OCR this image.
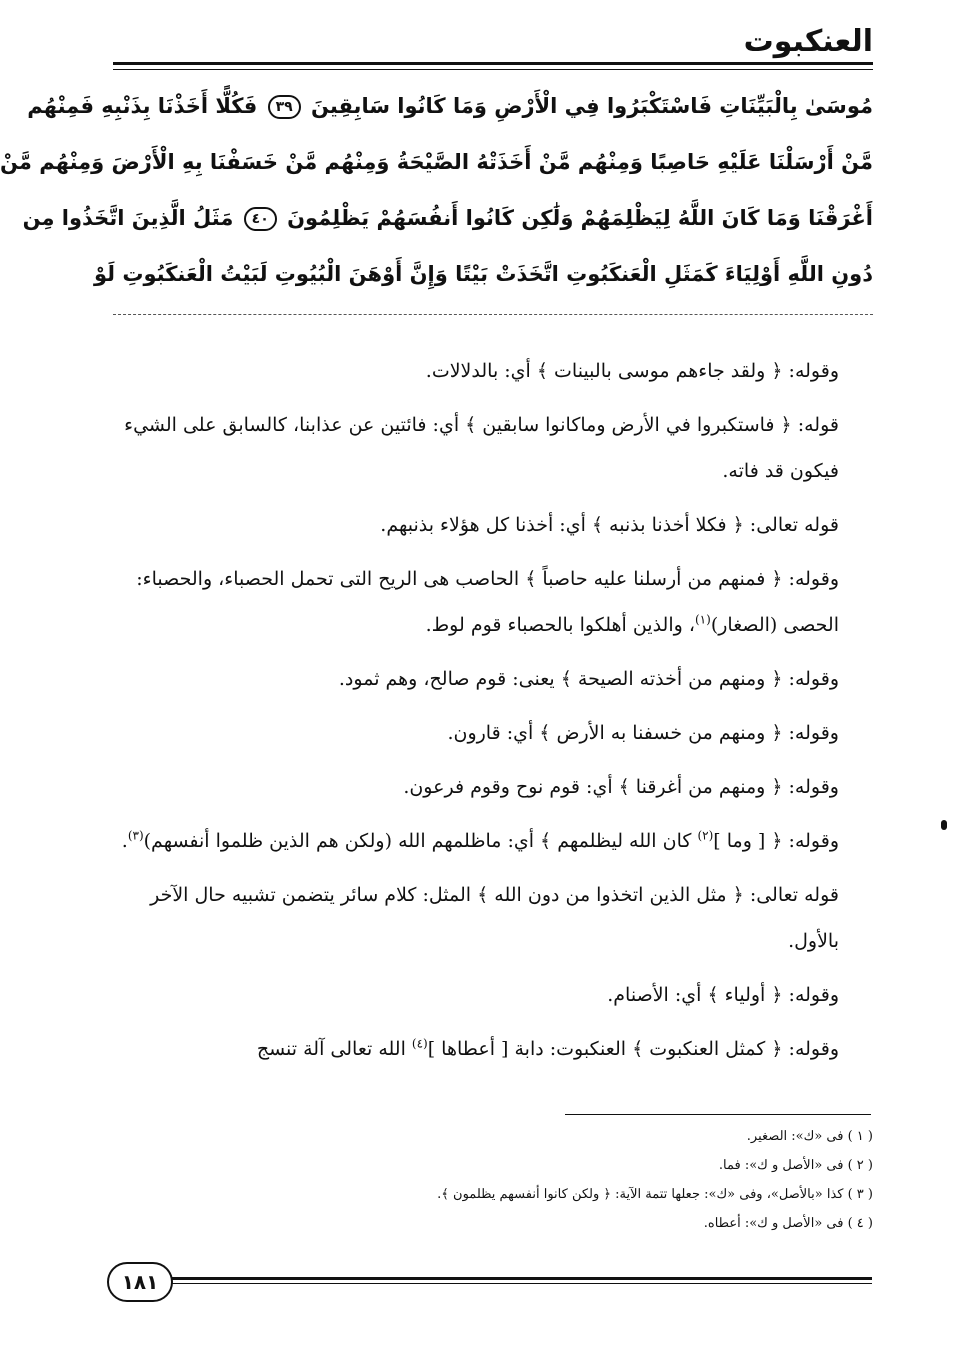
العنكبوت
مُوسَىٰ بِالْبَيِّنَاتِ فَاسْتَكْبَرُوا فِي الْأَرْضِ وَمَا كَانُوا سَابِقِينَ ٣٩ فَكُلًّا أَخَذْنَا بِذَنْبِهِ فَمِنْهُم
مَّنْ أَرْسَلْنَا عَلَيْهِ حَاصِبًا وَمِنْهُم مَّنْ أَخَذَتْهُ الصَّيْحَةُ وَمِنْهُم مَّنْ خَسَفْنَا بِهِ الْأَرْضَ وَمِنْهُم مَّنْ
أَغْرَقْنَا وَمَا كَانَ اللَّهُ لِيَظْلِمَهُمْ وَلَٰكِن كَانُوا أَنفُسَهُمْ يَظْلِمُونَ ٤٠ مَثَلُ الَّذِينَ اتَّخَذُوا مِن
دُونِ اللَّهِ أَوْلِيَاءَ كَمَثَلِ الْعَنكَبُوتِ اتَّخَذَتْ بَيْتًا وَإِنَّ أَوْهَنَ الْبُيُوتِ لَبَيْتُ الْعَنكَبُوتِ لَوْ

وقوله: ﴿ ولقد جاءهم موسى بالبينات ﴾ أي: بالدلالات.

قوله: ﴿ فاستكبروا في الأرض وماكانوا سابقين ﴾ أي: فائتين عن عذابنا، كالسابق على الشيء فيكون قد فاته.

قوله تعالى: ﴿ فكلا أخذنا بذنبه ﴾ أي: أخذنا كل هؤلاء بذنبهم.

وقوله: ﴿ فمنهم من أرسلنا عليه حاصباً ﴾ الحاصب هى الريح التى تحمل الحصباء، والحصباء: الحصى (الصغار)$^{(١)}$، والذين أهلكوا بالحصباء قوم لوط.

وقوله: ﴿ ومنهم من أخذته الصيحة ﴾ يعنى: قوم صالح، وهم ثمود.

وقوله: ﴿ ومنهم من خسفنا به الأرض ﴾ أي: قارون.

وقوله: ﴿ ومنهم من أغرقنا ﴾ أي: قوم نوح وقوم فرعون.

وقوله: ﴿ [ وما ]$^{(٢)}$ كان الله ليظلمهم ﴾ أي: ماظلمهم الله (ولكن هم الذين ظلموا أنفسهم)$^{(٣)}$.

قوله تعالى: ﴿ مثل الذين اتخذوا من دون الله ﴾ المثل: كلام سائر يتضمن تشبيه حال الآخر بالأول.

وقوله: ﴿ أولياء ﴾ أي: الأصنام.

وقوله: ﴿ كمثل العنكبوت ﴾ العنكبوت: دابة [ أعطاها ]$^{(٤)}$ الله تعالى آلة تنسج

( ١ ) فى «ك»: الصغير.
( ٢ ) فى «الأصل و ك»: فما.
( ٣ ) كذا «بالأصل»، وفى «ك»: جعلها تتمة الآية: ﴿ ولكن كانوا أنفسهم يظلمون ﴾.
( ٤ ) فى «الأصل و ك»: أعطاه.
١٨١
